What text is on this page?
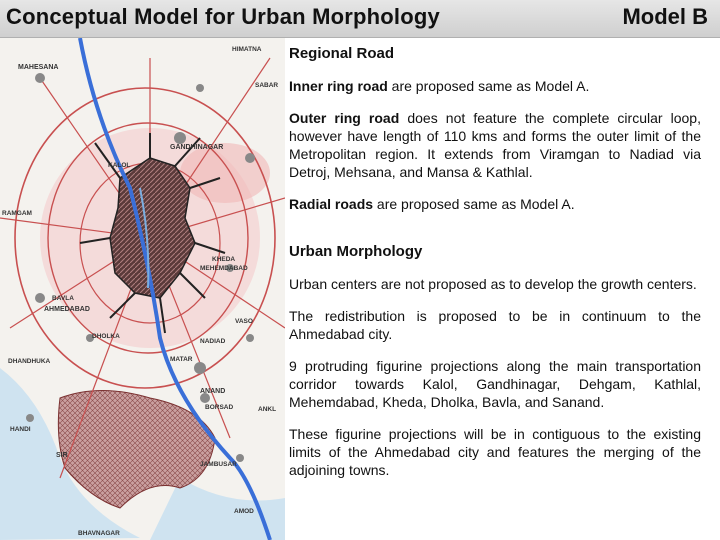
Conceptual Model for Urban Morphology	Model B
HIMATNA
MAHESANA
SABAR
GANDHINAGAR
KALOL
RAMGAM
KHEDA
MEHEMDABAD
BAVLA
AHMEDABAD
DHOLKA
NADIAD
ANAND
BORSAD
HANDI
SIR
JAMBUSAR
BHAVNAGAR
AMOD
DHANDHUKA
ANKL
VASO
MATAR

Regional Road

Inner ring road are proposed same as Model A.

Outer ring road does not feature the complete circular loop, however have length of 110 kms and forms the outer limit of the Metropolitan region. It extends from Viramgan to Nadiad via Detroj, Mehsana, and Mansa & Kathlal.

Radial roads are proposed same as Model A.

Urban Morphology

Urban centers are not proposed as to develop the growth centers.

The redistribution is proposed to be in continuum to the Ahmedabad city.

9 protruding figurine projections along the main transportation corridor towards Kalol, Gandhinagar, Dehgam, Kathlal, Mehemdabad, Kheda, Dholka, Bavla, and Sanand.

These figurine projections will be in contiguous to the existing limits of the Ahmedabad city and features the merging of the adjoining towns.
